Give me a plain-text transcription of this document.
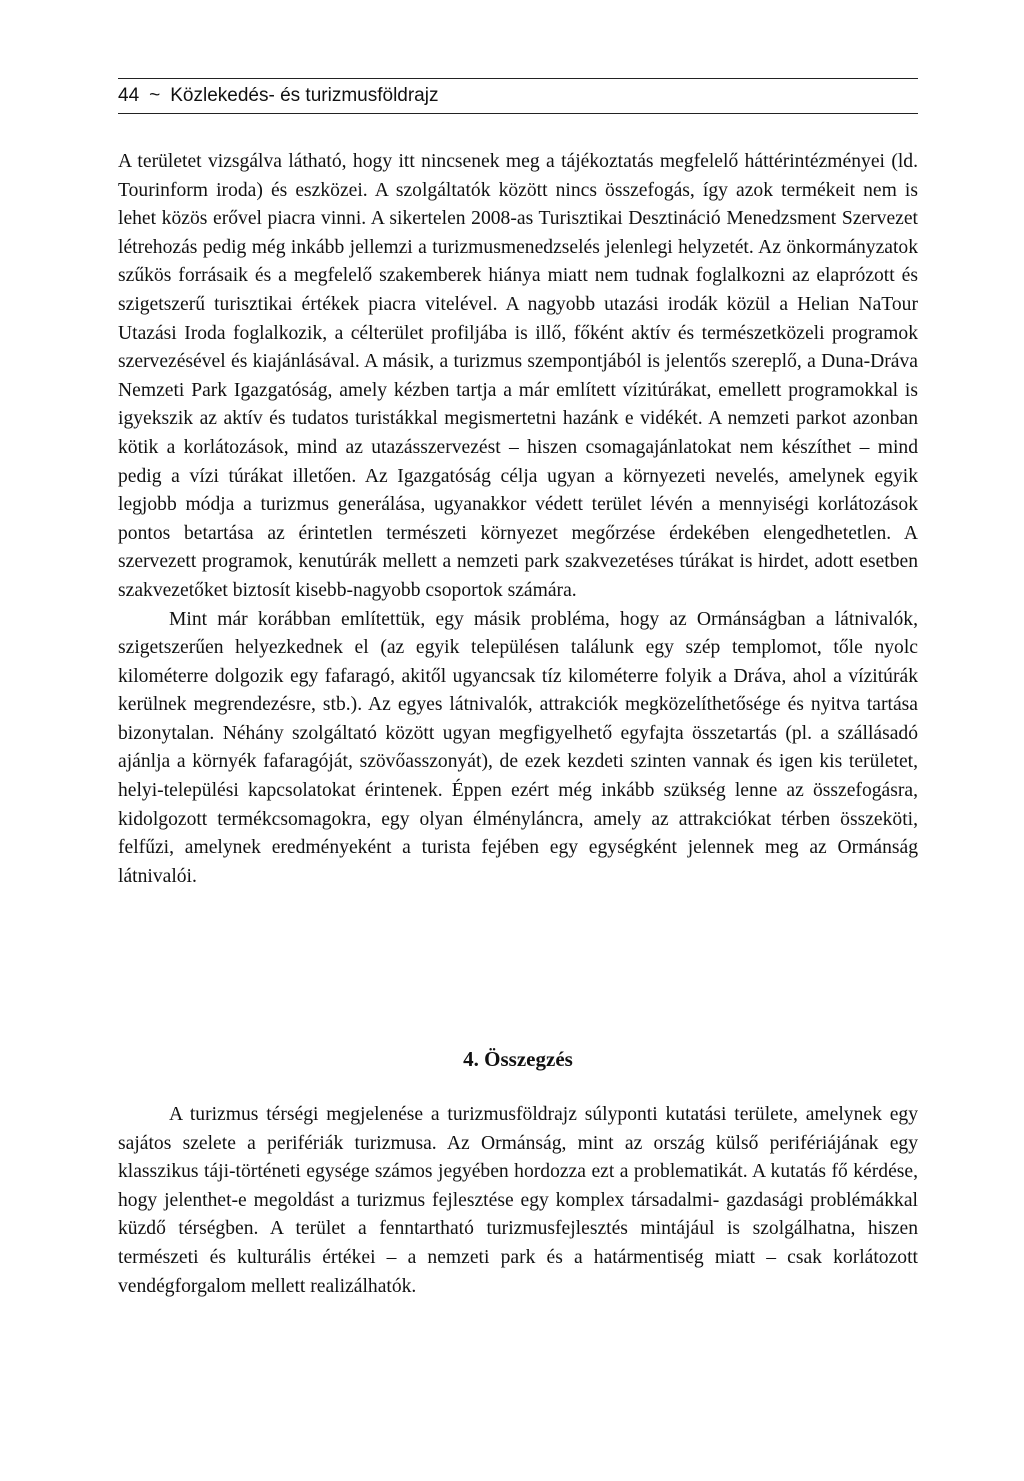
44 ~ Közlekedés- és turizmusföldrajz

A területet vizsgálva látható, hogy itt nincsenek meg a tájékoztatás megfelelő háttérintézményei (ld. Tourinform iroda) és eszközei. A szolgáltatók között nincs összefogás, így azok termékeit nem is lehet közös erővel piacra vinni. A sikertelen 2008-as Turisztikai Desztináció Menedzsment Szervezet létrehozás pedig még inkább jellemzi a turizmusmenedzselés jelenlegi helyzetét. Az önkormányzatok szűkös forrásaik és a megfelelő szakemberek hiánya miatt nem tudnak foglalkozni az elaprózott és szigetszerű turisztikai értékek piacra vitelével. A nagyobb utazási irodák közül a Helian NaTour Utazási Iroda foglalkozik, a célterület profiljába is illő, főként aktív és természetközeli programok szervezésével és kiajánlásával. A másik, a turizmus szempontjából is jelentős szereplő, a Duna-Dráva Nemzeti Park Igazgatóság, amely kézben tartja a már említett vízitúrákat, emellett programokkal is igyekszik az aktív és tudatos turistákkal megismertetni hazánk e vidékét. A nemzeti parkot azonban kötik a korlátozások, mind az utazásszervezést – hiszen csomagajánlatokat nem készíthet – mind pedig a vízi túrákat illetően. Az Igazgatóság célja ugyan a környezeti nevelés, amelynek egyik legjobb módja a turizmus generálása, ugyanakkor védett terület lévén a mennyiségi korlátozások pontos betartása az érintetlen természeti környezet megőrzése érdekében elengedhetetlen. A szervezett programok, kenutúrák mellett a nemzeti park szakvezetéses túrákat is hirdet, adott esetben szakvezetőket biztosít kisebb-nagyobb csoportok számára.

Mint már korábban említettük, egy másik probléma, hogy az Ormánságban a látnivalók, szigetszerűen helyezkednek el (az egyik településen találunk egy szép templomot, tőle nyolc kilométerre dolgozik egy fafaragó, akitől ugyancsak tíz kilométerre folyik a Dráva, ahol a vízitúrák kerülnek megrendezésre, stb.). Az egyes látnivalók, attrakciók megközelíthetősége és nyitva tartása bizonytalan. Néhány szolgáltató között ugyan megfigyelhető egyfajta összetartás (pl. a szállásadó ajánlja a környék fafaragóját, szövőasszonyát), de ezek kezdeti szinten vannak és igen kis területet, helyi-települési kapcsolatokat érintenek. Éppen ezért még inkább szükség lenne az összefogásra, kidolgozott termékcsomagokra, egy olyan élményláncra, amely az attrakciókat térben összeköti, felfűzi, amelynek eredményeként a turista fejében egy egységként jelennek meg az Ormánság látnivalói.

4. Összegzés

A turizmus térségi megjelenése a turizmusföldrajz súlyponti kutatási területe, amelynek egy sajátos szelete a perifériák turizmusa. Az Ormánság, mint az ország külső perifériájának egy klasszikus táji-történeti egysége számos jegyében hordozza ezt a problematikát. A kutatás fő kérdése, hogy jelenthet-e megoldást a turizmus fejlesztése egy komplex társadalmi- gazdasági problémákkal küzdő térségben. A terület a fenntartható turizmusfejlesztés mintájául is szolgálhatna, hiszen természeti és kulturális értékei – a nemzeti park és a határmentiség miatt – csak korlátozott vendégforgalom mellett realizálhatók.
